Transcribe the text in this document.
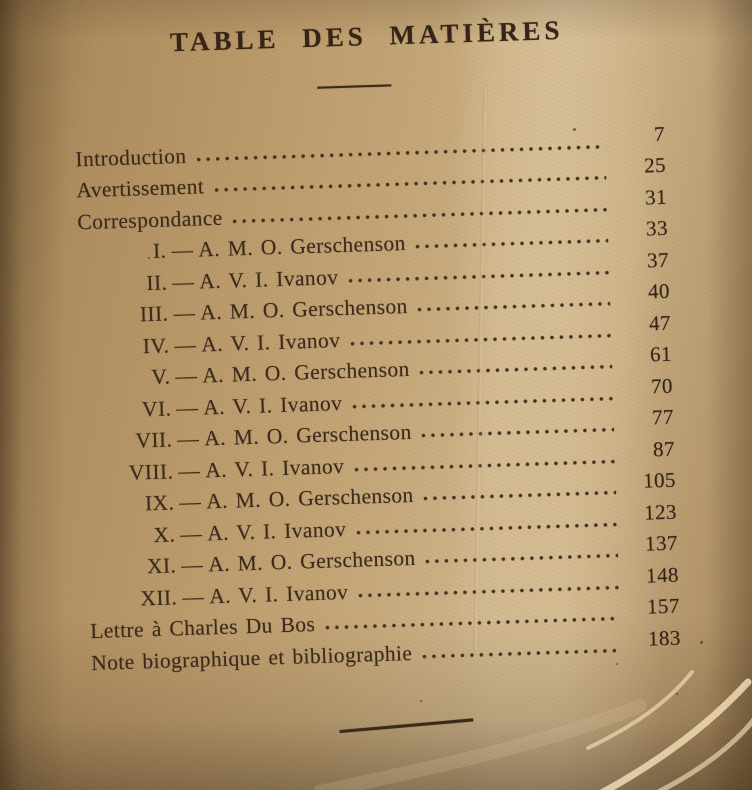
TABLE DES MATIÈRES
Introduction
7
Avertissement
25
Correspondance
31
I. — A. M. O. Gerschenson
33
II. — A. V. I. Ivanov
37
III. — A. M. O. Gerschenson
40
IV. — A. V. I. Ivanov
47
V. — A. M. O. Gerschenson
61
VI. — A. V. I. Ivanov
70
VII. — A. M. O. Gerschenson
77
VIII. — A. V. I. Ivanov
87
IX. — A. M. O. Gerschenson
105
X. — A. V. I. Ivanov
123
XI. — A. M. O. Gerschenson
137
XII. — A. V. I. Ivanov
148
Lettre à Charles Du Bos
157
Note biographique et bibliographie
183
